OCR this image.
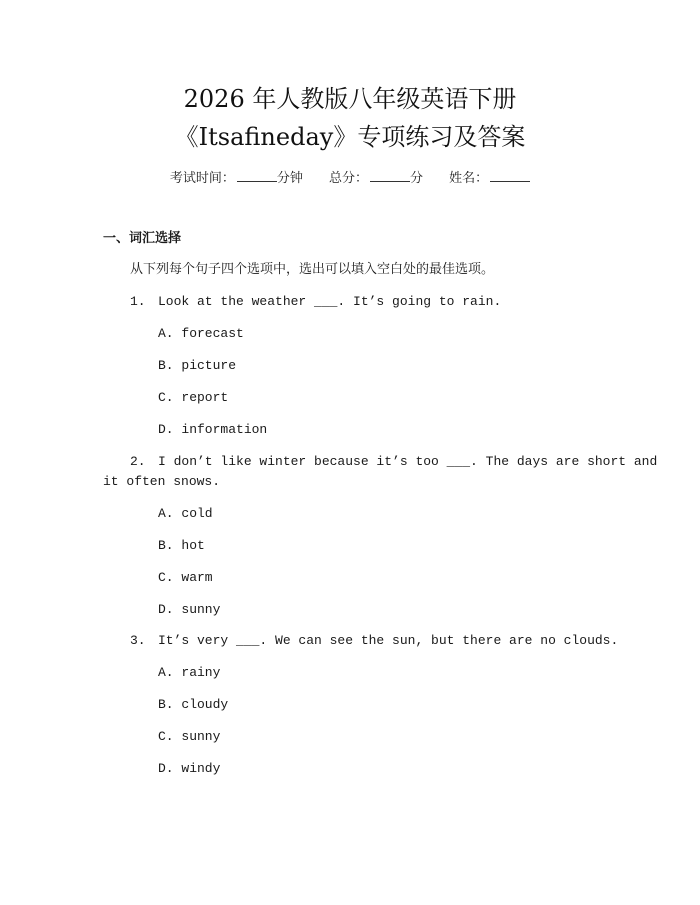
2026 年人教版八年级英语下册
《Itsafineday》专项练习及答案
考试时间：	分钟 总分：	分 姓名：
一、词汇选择
从下列每个句子四个选项中，选出可以填入空白处的最佳选项。
1. Look at the weather ___. It’s going to rain.
A. forecast
B. picture
C. report
D. information
2. I don’t like winter because it’s too ___. The days are short and
it often snows.
A. cold
B. hot
C. warm
D. sunny
3. It’s very ___. We can see the sun, but there are no clouds.
A. rainy
B. cloudy
C. sunny
D. windy
